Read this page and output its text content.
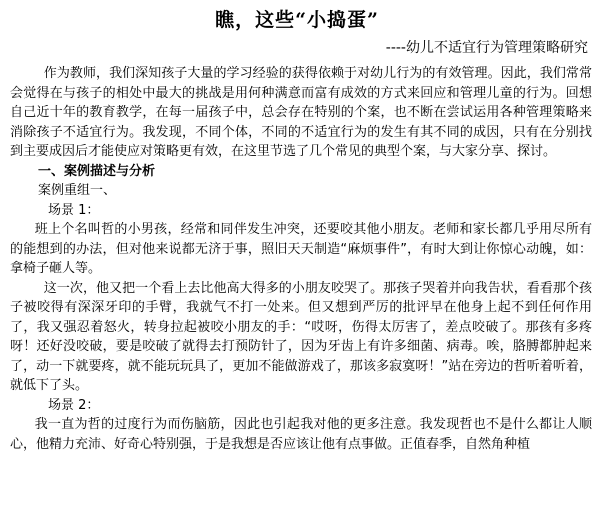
瞧，这些“小捣蛋”
----幼儿不适宜行为管理策略研究

作为教师，我们深知孩子大量的学习经验的获得依赖于对幼儿行为的有效管理。因此，我们常常会觉得在与孩子的相处中最大的挑战是用何种满意而富有成效的方式来回应和管理儿童的行为。回想自己近十年的教育教学，在每一届孩子中，总会存在特别的个案，也不断在尝试运用各种管理策略来消除孩子不适宜行为。我发现，不同个体，不同的不适宜行为的发生有其不同的成因，只有在分别找到主要成因后才能使应对策略更有效，在这里节选了几个常见的典型个案，与大家分享、探讨。

一、案例描述与分析

案例重组一、

场景 1：

班上个名叫哲的小男孩，经常和同伴发生冲突，还要咬其他小朋友。老师和家长都几乎用尽所有的能想到的办法，但对他来说都无济于事，照旧天天制造“麻烦事件”，有时大到让你惊心动魄，如：拿椅子砸人等。

这一次，他又把一个看上去比他高大得多的小朋友咬哭了。那孩子哭着并向我告状，看看那个孩子被咬得有深深牙印的手臂，我就气不打一处来。但又想到严厉的批评早在他身上起不到任何作用了，我又强忍着怒火，转身拉起被咬小朋友的手：“哎呀，伤得太厉害了，差点咬破了。那孩有多疼呀！还好没咬破，要是咬破了就得去打预防针了，因为牙齿上有许多细菌、病毒。唉，胳膊都肿起来了，动一下就要疼，就不能玩玩具了，更加不能做游戏了，那该多寂寞呀！”站在旁边的哲听着听着，就低下了头。

场景 2：

我一直为哲的过度行为而伤脑筋，因此也引起我对他的更多注意。我发现哲也不是什么都让人顺心，他精力充沛、好奇心特别强，于是我想是否应该让他有点事做。正值春季，自然角种植
